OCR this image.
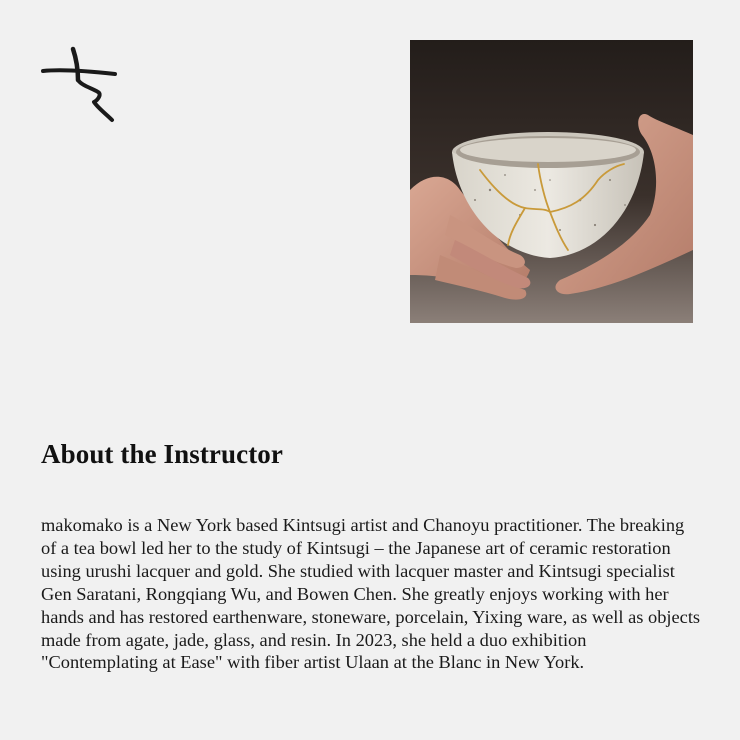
About the Instructor

makomako is a New York based Kintsugi artist and Chanoyu practitioner. The breaking of a tea bowl led her to the study of Kintsugi – the Japanese art of ceramic restoration using urushi lacquer and gold. She studied with lacquer master and Kintsugi specialist Gen Saratani, Rongqiang Wu, and Bowen Chen. She greatly enjoys working with her hands and has restored earthenware, stoneware, porcelain, Yixing ware, as well as objects made from agate, jade, glass, and resin. In 2023, she held a duo exhibition "Contemplating at Ease" with fiber artist Ulaan at the Blanc in New York.
